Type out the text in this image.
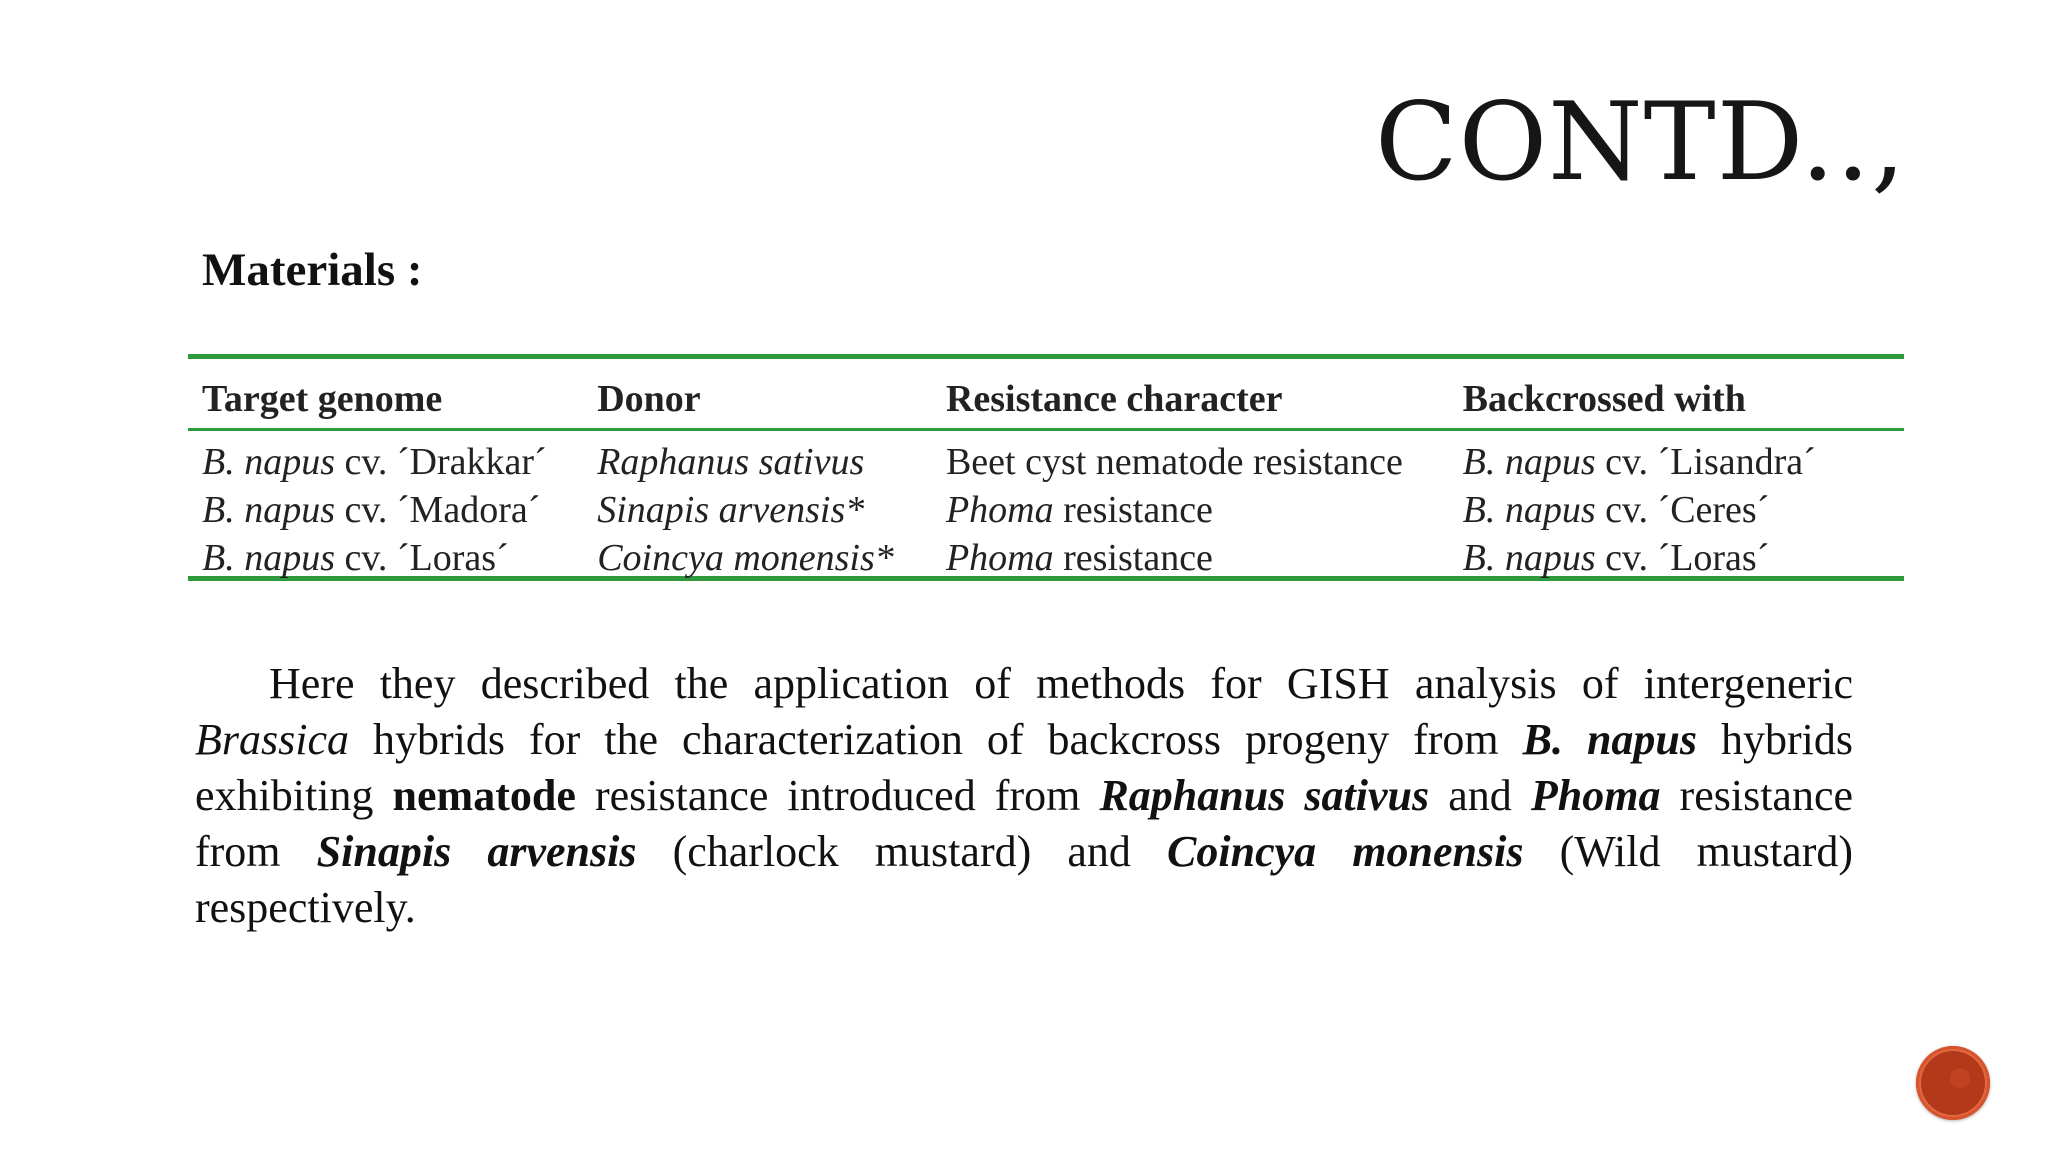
CONTD..,
Materials :
Target genome	Donor	Resistance character	Backcrossed with
B. napus cv. ´Drakkar´	Raphanus sativus	Beet cyst nematode resistance	B. napus cv. ´Lisandra´
B. napus cv. ´Madora´	Sinapis arvensis*	Phoma resistance	B. napus cv. ´Ceres´
B. napus cv. ´Loras´	Coincya monensis*	Phoma resistance	B. napus cv. ´Loras´
Here they described the application of methods for GISH analysis of intergeneric Brassica hybrids for the characterization of backcross progeny from B. napus hybrids exhibiting nematode resistance introduced from Raphanus sativus and Phoma resistance from Sinapis arvensis (charlock mustard) and Coincya monensis (Wild mustard) respectively.
